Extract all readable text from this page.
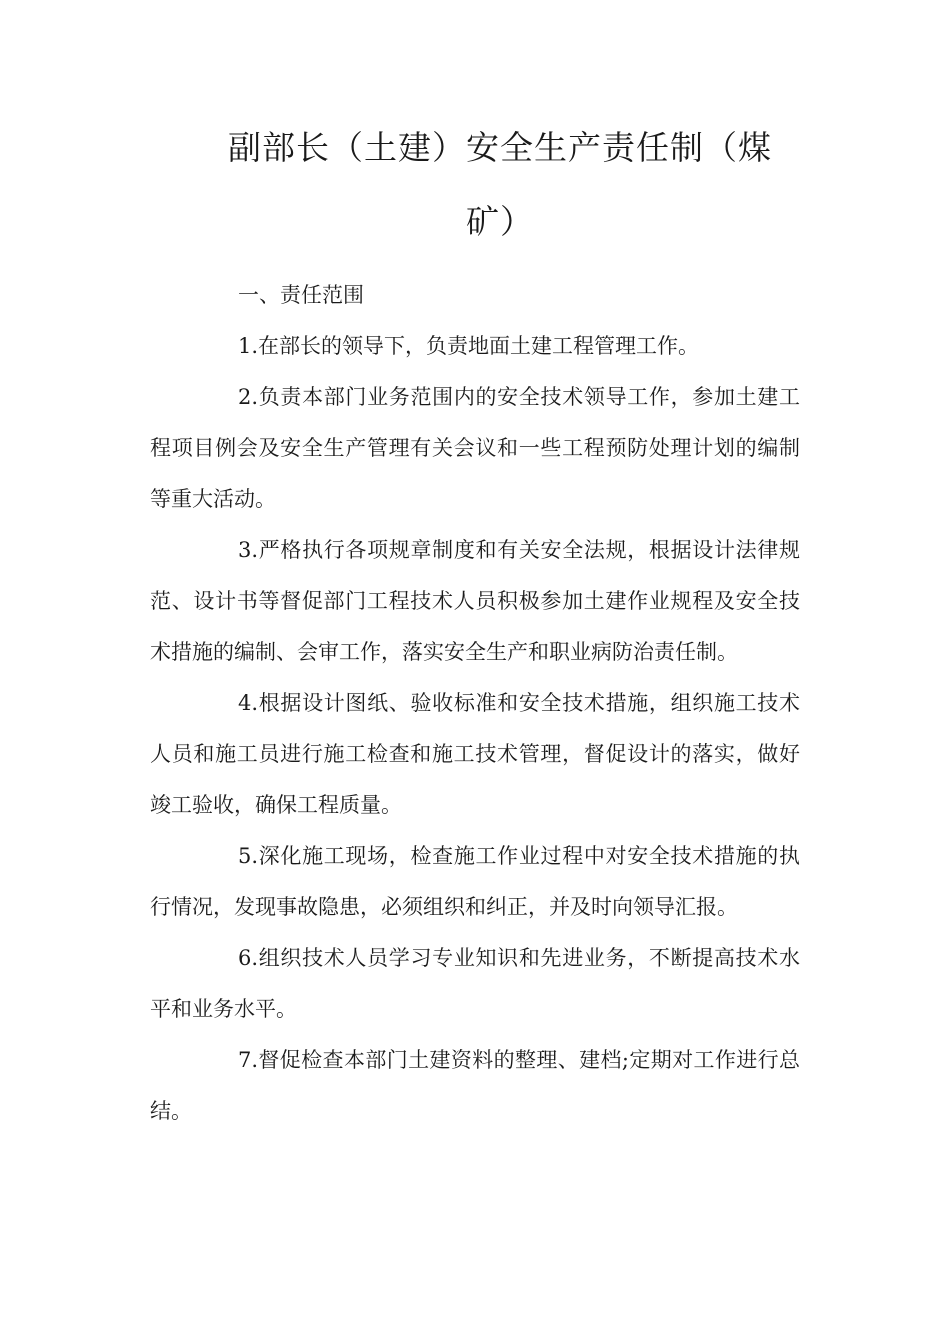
副部长（土建）安全生产责任制（煤
矿）

一、责任范围

1.在部长的领导下，负责地面土建工程管理工作。

2.负责本部门业务范围内的安全技术领导工作，参加土建工程项目例会及安全生产管理有关会议和一些工程预防处理计划的编制等重大活动。

3.严格执行各项规章制度和有关安全法规，根据设计法律规范、设计书等督促部门工程技术人员积极参加土建作业规程及安全技术措施的编制、会审工作，落实安全生产和职业病防治责任制。

4.根据设计图纸、验收标准和安全技术措施，组织施工技术人员和施工员进行施工检查和施工技术管理，督促设计的落实，做好竣工验收，确保工程质量。

5.深化施工现场，检查施工作业过程中对安全技术措施的执行情况，发现事故隐患，必须组织和纠正，并及时向领导汇报。

6.组织技术人员学习专业知识和先进业务，不断提高技术水平和业务水平。

7.督促检查本部门土建资料的整理、建档;定期对工作进行总结。
